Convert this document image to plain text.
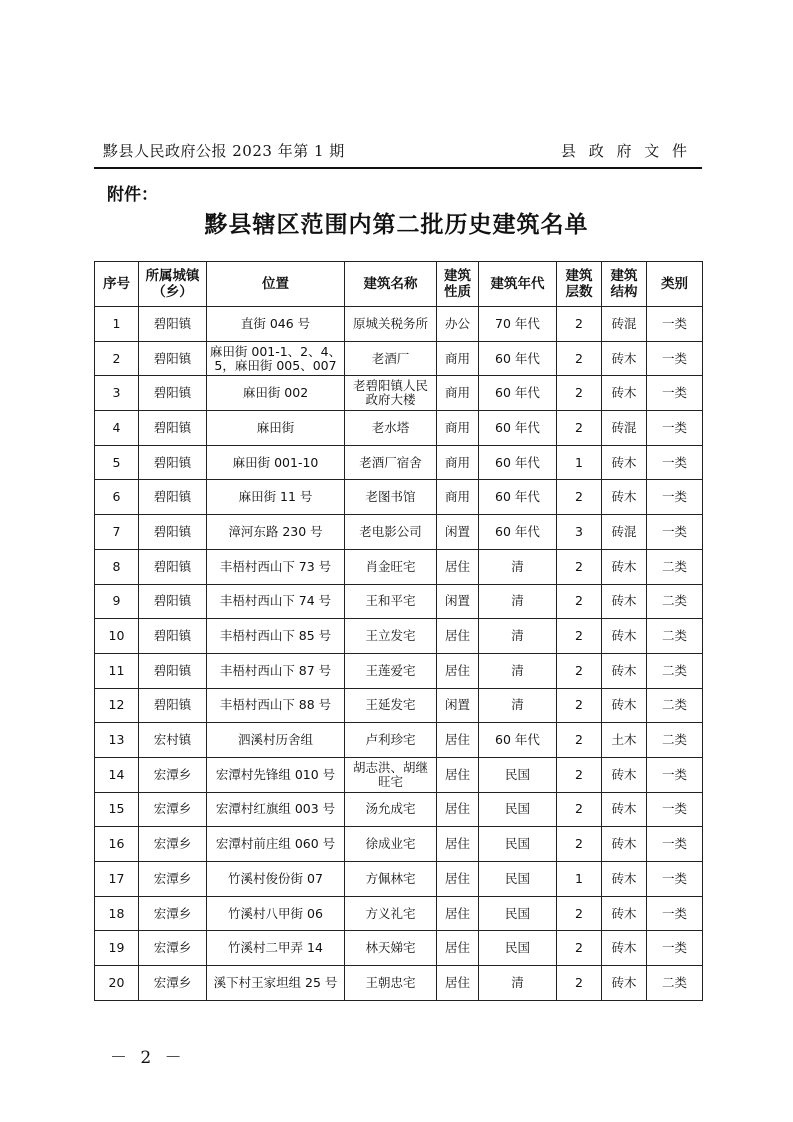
黟县人民政府公报 2023 年第 1 期	县 政 府 文 件
附件：
黟县辖区范围内第二批历史建筑名单
序号	所属城镇（乡）	位置	建筑名称	建筑性质	建筑年代	建筑层数	建筑结构	类别
1	碧阳镇	直街 046 号	原城关税务所	办公	70 年代	2	砖混	一类
2	碧阳镇	麻田街 001-1、2、4、5，麻田街 005、007	老酒厂	商用	60 年代	2	砖木	一类
3	碧阳镇	麻田街 002	老碧阳镇人民政府大楼	商用	60 年代	2	砖木	一类
4	碧阳镇	麻田街	老水塔	商用	60 年代	2	砖混	一类
5	碧阳镇	麻田街 001-10	老酒厂宿舍	商用	60 年代	1	砖木	一类
6	碧阳镇	麻田街 11 号	老图书馆	商用	60 年代	2	砖木	一类
7	碧阳镇	漳河东路 230 号	老电影公司	闲置	60 年代	3	砖混	一类
8	碧阳镇	丰梧村西山下 73 号	肖金旺宅	居住	清	2	砖木	二类
9	碧阳镇	丰梧村西山下 74 号	王和平宅	闲置	清	2	砖木	二类
10	碧阳镇	丰梧村西山下 85 号	王立发宅	居住	清	2	砖木	二类
11	碧阳镇	丰梧村西山下 87 号	王莲爱宅	居住	清	2	砖木	二类
12	碧阳镇	丰梧村西山下 88 号	王延发宅	闲置	清	2	砖木	二类
13	宏村镇	泗溪村历舍组	卢利珍宅	居住	60 年代	2	土木	二类
14	宏潭乡	宏潭村先锋组 010 号	胡志洪、胡继旺宅	居住	民国	2	砖木	一类
15	宏潭乡	宏潭村红旗组 003 号	汤允成宅	居住	民国	2	砖木	一类
16	宏潭乡	宏潭村前庄组 060 号	徐成业宅	居住	民国	2	砖木	一类
17	宏潭乡	竹溪村俊份街 07	方佩林宅	居住	民国	1	砖木	一类
18	宏潭乡	竹溪村八甲街 06	方义礼宅	居住	民国	2	砖木	一类
19	宏潭乡	竹溪村二甲弄 14	林天娣宅	居住	民国	2	砖木	一类
20	宏潭乡	溪下村王家坦组 25 号	王朝忠宅	居住	清	2	砖木	二类
－ 2 －
